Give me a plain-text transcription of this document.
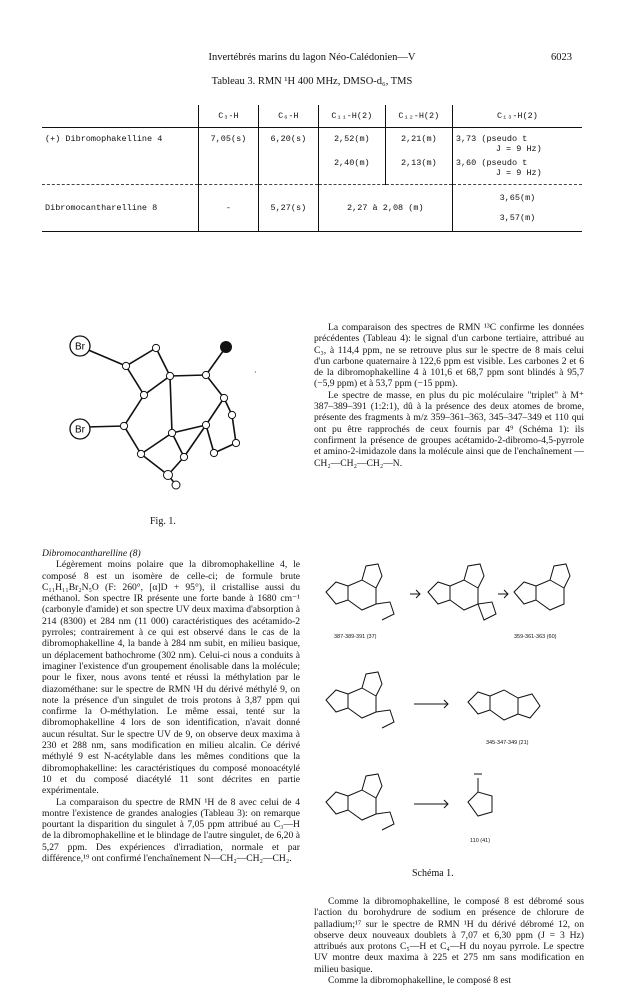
Invertébrés marins du lagon Néo-Calédonien—V	6023
Tableau 3. RMN ¹H 400 MHz, DMSO-d₆, TMS
	C₃-H	C₆-H	C₁₁-H(2)	C₁₂-H(2)	C₁₃-H(2)
(+) Dibromophakelline 4	7,05(s)	6,20(s)	2,52(m)	2,21(m)	3,73 (pseudo t
J = 9 Hz)

			2,40(m)	2,13(m)	3,60 (pseudo t
J = 9 Hz)

Dibromocantharelline 8	-	5,27(s)	2,27 à 2,08 (m)		3,65(m)
3,57(m)
Br
Br
·
Fig. 1.

Dibromocantharelline (8)

Légèrement moins polaire que la dibromophakelline 4, le composé 8 est un isomère de celle-ci; de formule brute C₁₁H₁₁Br₂N₅O (F: 260°, [α]D + 95°), il cristallise aussi du méthanol. Son spectre IR présente une forte bande à 1680 cm⁻¹ (carbonyle d'amide) et son spectre UV deux maxima d'absorption à 214 (8300) et 284 nm (11 000) caractéristiques des acétamido-2 pyrroles; contrairement à ce qui est observé dans le cas de la dibromophakelline 4, la bande à 284 nm subit, en milieu basique, un déplacement bathochrome (302 nm). Celui-ci nous a conduits à imaginer l'existence d'un groupement énolisable dans la molécule; pour le fixer, nous avons tenté et réussi la méthylation par le diazométhane: sur le spectre de RMN ¹H du dérivé méthylé 9, on note la présence d'un singulet de trois protons à 3,87 ppm qui confirme la O-méthylation. Le même essai, tenté sur la dibromophakelline 4 lors de son identification, n'avait donné aucun résultat. Sur le spectre UV de 9, on observe deux maxima à 230 et 288 nm, sans modification en milieu alcalin. Ce dérivé méthylé 9 est N-acétylable dans les mêmes conditions que la dibromophakelline: les caractéristiques du composé monoacétylé 10 et du composé diacétylé 11 sont décrites en partie expérimentale.

La comparaison du spectre de RMN ¹H de 8 avec celui de 4 montre l'existence de grandes analogies (Tableau 3): on remarque pourtant la disparition du singulet à 7,05 ppm attribué au C₃—H de la dibromophakelline et le blindage de l'autre singulet, de 6,20 à 5,27 ppm. Des expériences d'irradiation, normale et par différence,¹⁹ ont confirmé l'enchaînement N—CH₂—CH₂—CH₂.

La comparaison des spectres de RMN ¹³C confirme les données précédentes (Tableau 4): le signal d'un carbone tertiaire, attribué au C₃, à 114,4 ppm, ne se retrouve plus sur le spectre de 8 mais celui d'un carbone quaternaire à 122,6 ppm est visible. Les carbones 2 et 6 de la dibromophakelline 4 à 101,6 et 68,7 ppm sont blindés à 95,7 (−5,9 ppm) et à 53,7 ppm (−15 ppm).

Le spectre de masse, en plus du pic moléculaire "triplet" à M⁺ 387–389–391 (1:2:1), dû à la présence des deux atomes de brome, présente des fragments à m/z 359–361–363, 345–347–349 et 110 qui ont pu être rapprochés de ceux fournis par 4⁹ (Schéma 1): ils confirment la présence de groupes acétamido-2-dibromo-4,5-pyrrole et amino-2-imidazole dans la molécule ainsi que de l'enchaînement —CH₂—CH₂—CH₂—N.

387-389-391 (37)	359-361-363 (60)
345-347-349 (21)
110 (41)
Schéma 1.

Comme la dibromophakelline, le composé 8 est débromé sous l'action du borohydrure de sodium en présence de chlorure de palladium;¹⁷ sur le spectre de RMN ¹H du dérivé débromé 12, on observe deux nouveaux doublets à 7,07 et 6,30 ppm (J = 3 Hz) attribués aux protons C₅—H et C₄—H du noyau pyrrole. Le spectre UV montre deux maxima à 225 et 275 nm sans modification en milieu basique.

Comme la dibromophakelline, le composé 8 est
